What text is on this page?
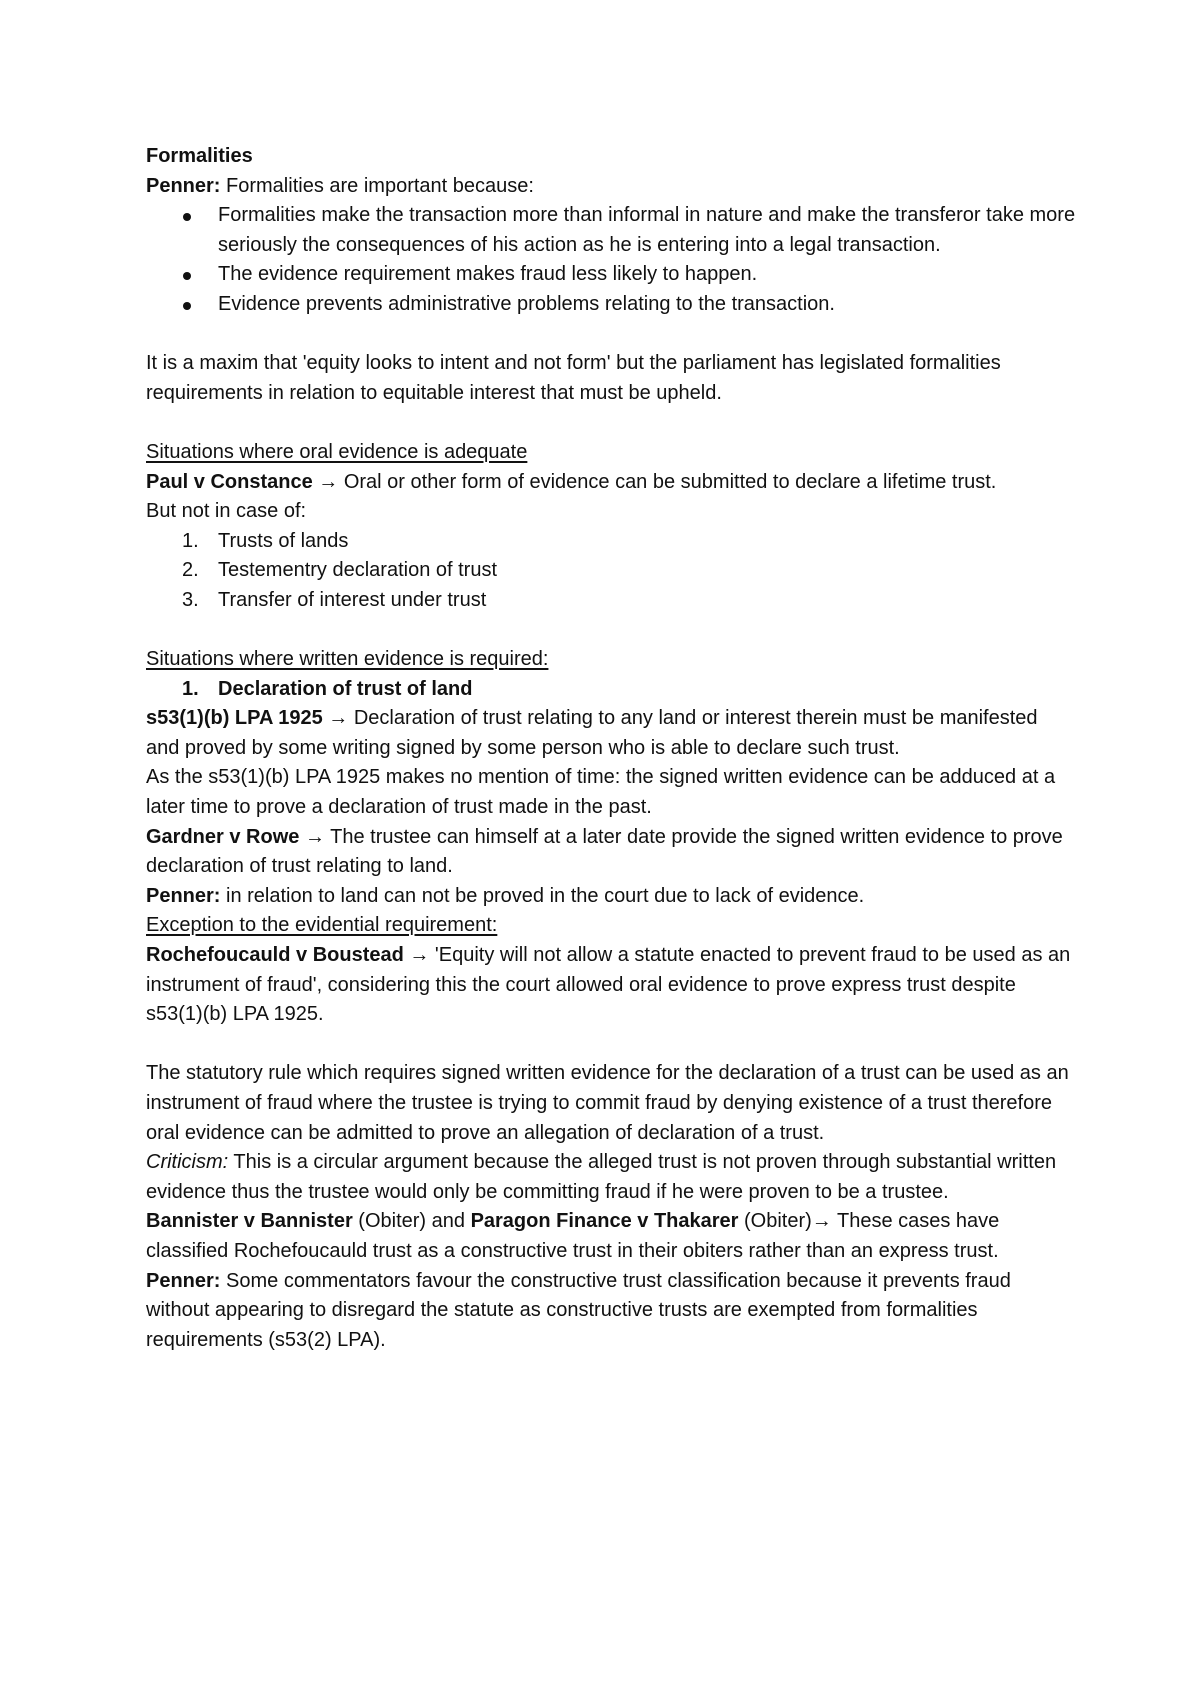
Formalities

Penner: Formalities are important because:

Formalities make the transaction more than informal in nature and make the transferor take more seriously the consequences of his action as he is entering into a legal transaction.
The evidence requirement makes fraud less likely to happen.
Evidence prevents administrative problems relating to the transaction.

It is a maxim that 'equity looks to intent and not form' but the parliament has legislated formalities requirements in relation to equitable interest that must be upheld.

Situations where oral evidence is adequate

Paul v Constance → Oral or other form of evidence can be submitted to declare a lifetime trust.

But not in case of:

1. Trusts of lands
2. Testementry declaration of trust
3. Transfer of interest under trust

Situations where written evidence is required:

1. Declaration of trust of land

s53(1)(b) LPA 1925 → Declaration of trust relating to any land or interest therein must be manifested and proved by some writing signed by some person who is able to declare such trust.

As the s53(1)(b) LPA 1925 makes no mention of time: the signed written evidence can be adduced at a later time to prove a declaration of trust made in the past.

Gardner v Rowe → The trustee can himself at a later date provide the signed written evidence to prove declaration of trust relating to land.

Penner: in relation to land can not be proved in the court due to lack of evidence.

Exception to the evidential requirement:

Rochefoucauld v Boustead → 'Equity will not allow a statute enacted to prevent fraud to be used as an instrument of fraud', considering this the court allowed oral evidence to prove express trust despite s53(1)(b) LPA 1925.

The statutory rule which requires signed written evidence for the declaration of a trust can be used as an instrument of fraud where the trustee is trying to commit fraud by denying existence of a trust therefore oral evidence can be admitted to prove an allegation of declaration of a trust.

Criticism: This is a circular argument because the alleged trust is not proven through substantial written evidence thus the trustee would only be committing fraud if he were proven to be a trustee.

Bannister v Bannister (Obiter) and Paragon Finance v Thakarer (Obiter)→ These cases have classified Rochefoucauld trust as a constructive trust in their obiters rather than an express trust.

Penner: Some commentators favour the constructive trust classification because it prevents fraud without appearing to disregard the statute as constructive trusts are exempted from formalities requirements (s53(2) LPA).
